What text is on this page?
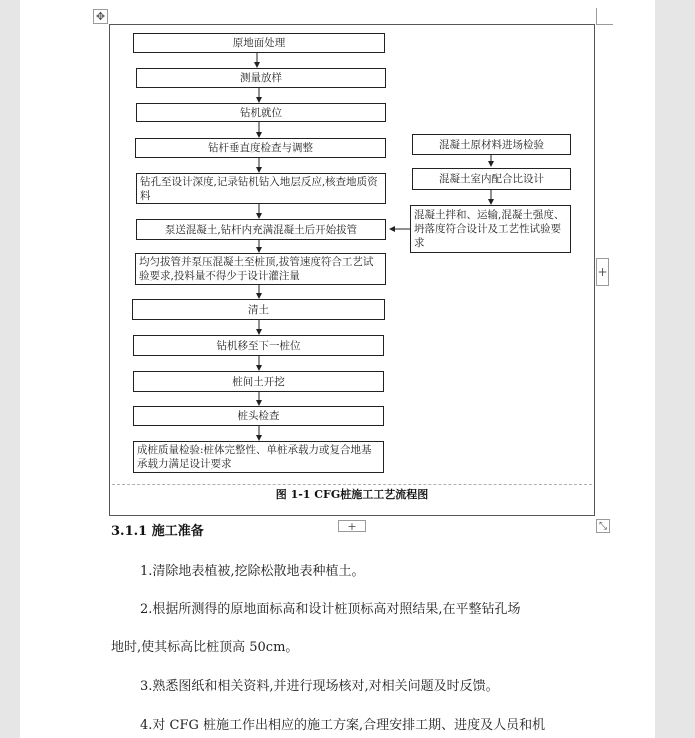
✥
原地面处理
测量放样
钻机就位
钻杆垂直度检查与调整
钻孔至设计深度,记录钻机钻入地层反应,核查地质资料
泵送混凝土,钻杆内充满混凝土后开始拔管
均匀拔管并泵压混凝土至桩顶,拔管速度符合工艺试验要求,投料量不得少于设计灌注量
清土
钻机移至下一桩位
桩间土开挖
桩头检查
成桩质量检验:桩体完整性、单桩承载力或复合地基承载力满足设计要求
混凝土原材料进场检验
混凝土室内配合比设计
混凝土拌和、运输,混凝土强度、坍落度符合设计及工艺性试验要求
图 1-1 CFG桩施工工艺流程图
+
+
⤡
3.1.1 施工准备
1.清除地表植被,挖除松散地表种植土。
2.根据所测得的原地面标高和设计桩顶标高对照结果,在平整钻孔场
地时,使其标高比桩顶高 50cm。
3.熟悉图纸和相关资料,并进行现场核对,对相关问题及时反馈。
4.对 CFG 桩施工作出相应的施工方案,合理安排工期、进度及人员和机
